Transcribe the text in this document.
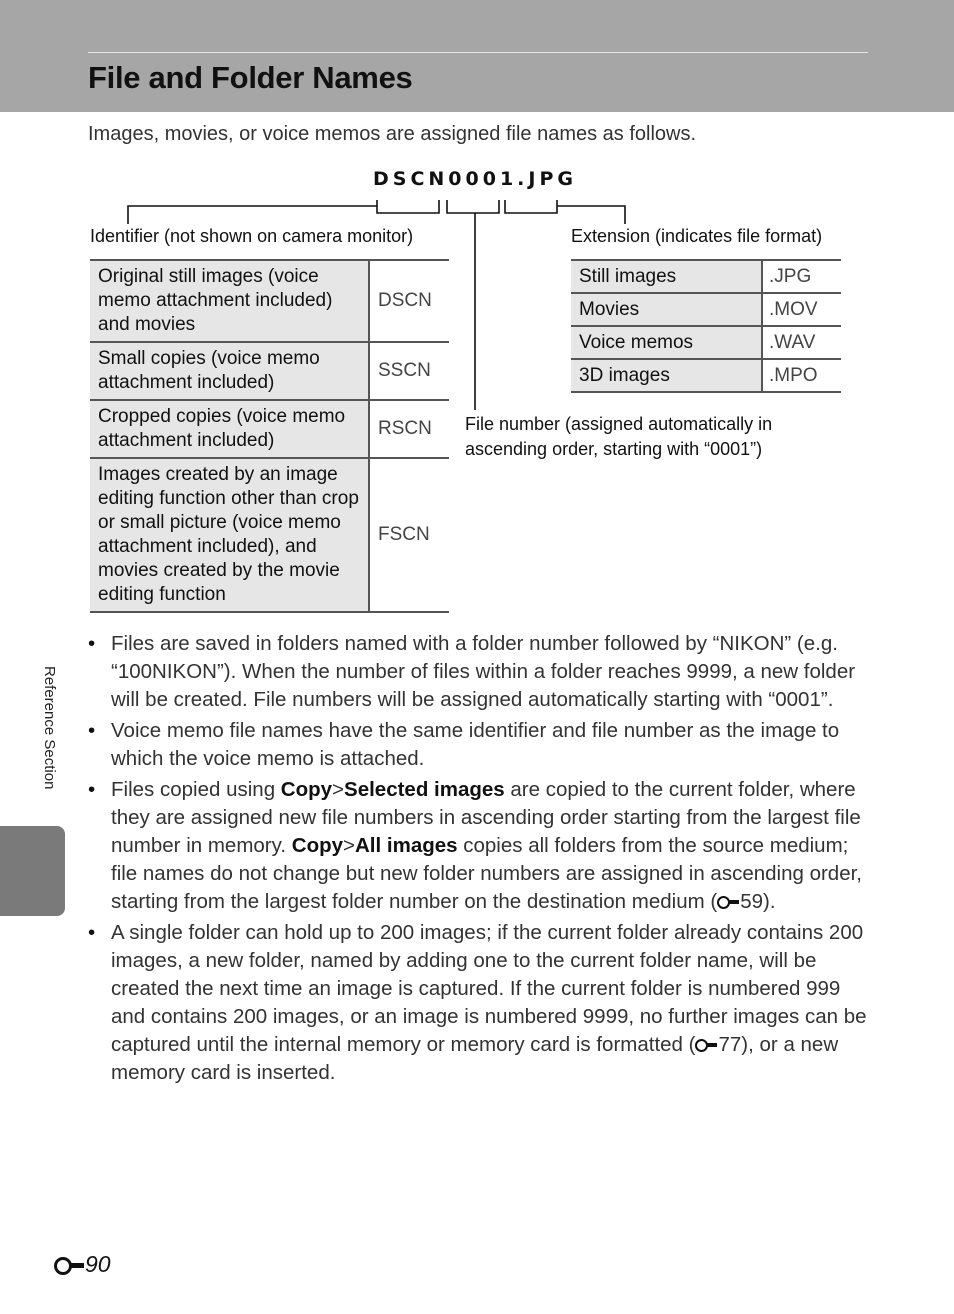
File and Folder Names
Images, movies, or voice memos are assigned file names as follows.
DSCN0001.JPG
Identifier (not shown on camera monitor)	Extension (indicates file format)
File number (assigned automatically in
ascending order, starting with “0001”)
Original still images (voice memo attachment included) and movies	DSCN
Small copies (voice memo attachment included)	SSCN
Cropped copies (voice memo attachment included)	RSCN
Images created by an image editing function other than crop or small picture (voice memo attachment included), and movies created by the movie editing function	FSCN
Still images	.JPG
Movies	.MOV
Voice memos	.WAV
3D images	.MPO
• Files are saved in folders named with a folder number followed by “NIKON” (e.g. “100NIKON”). When the number of files within a folder reaches 9999, a new folder will be created. File numbers will be assigned automatically starting with “0001”.
• Voice memo file names have the same identifier and file number as the image to which the voice memo is attached.
• Files copied using Copy>Selected images are copied to the current folder, where they are assigned new file numbers in ascending order starting from the largest file number in memory. Copy>All images copies all folders from the source medium; file names do not change but new folder numbers are assigned in ascending order, starting from the largest folder number on the destination medium ( 59).
• A single folder can hold up to 200 images; if the current folder already contains 200 images, a new folder, named by adding one to the current folder name, will be created the next time an image is captured. If the current folder is numbered 999 and contains 200 images, or an image is numbered 9999, no further images can be captured until the internal memory or memory card is formatted ( 77), or a new memory card is inserted.
Reference Section
90
